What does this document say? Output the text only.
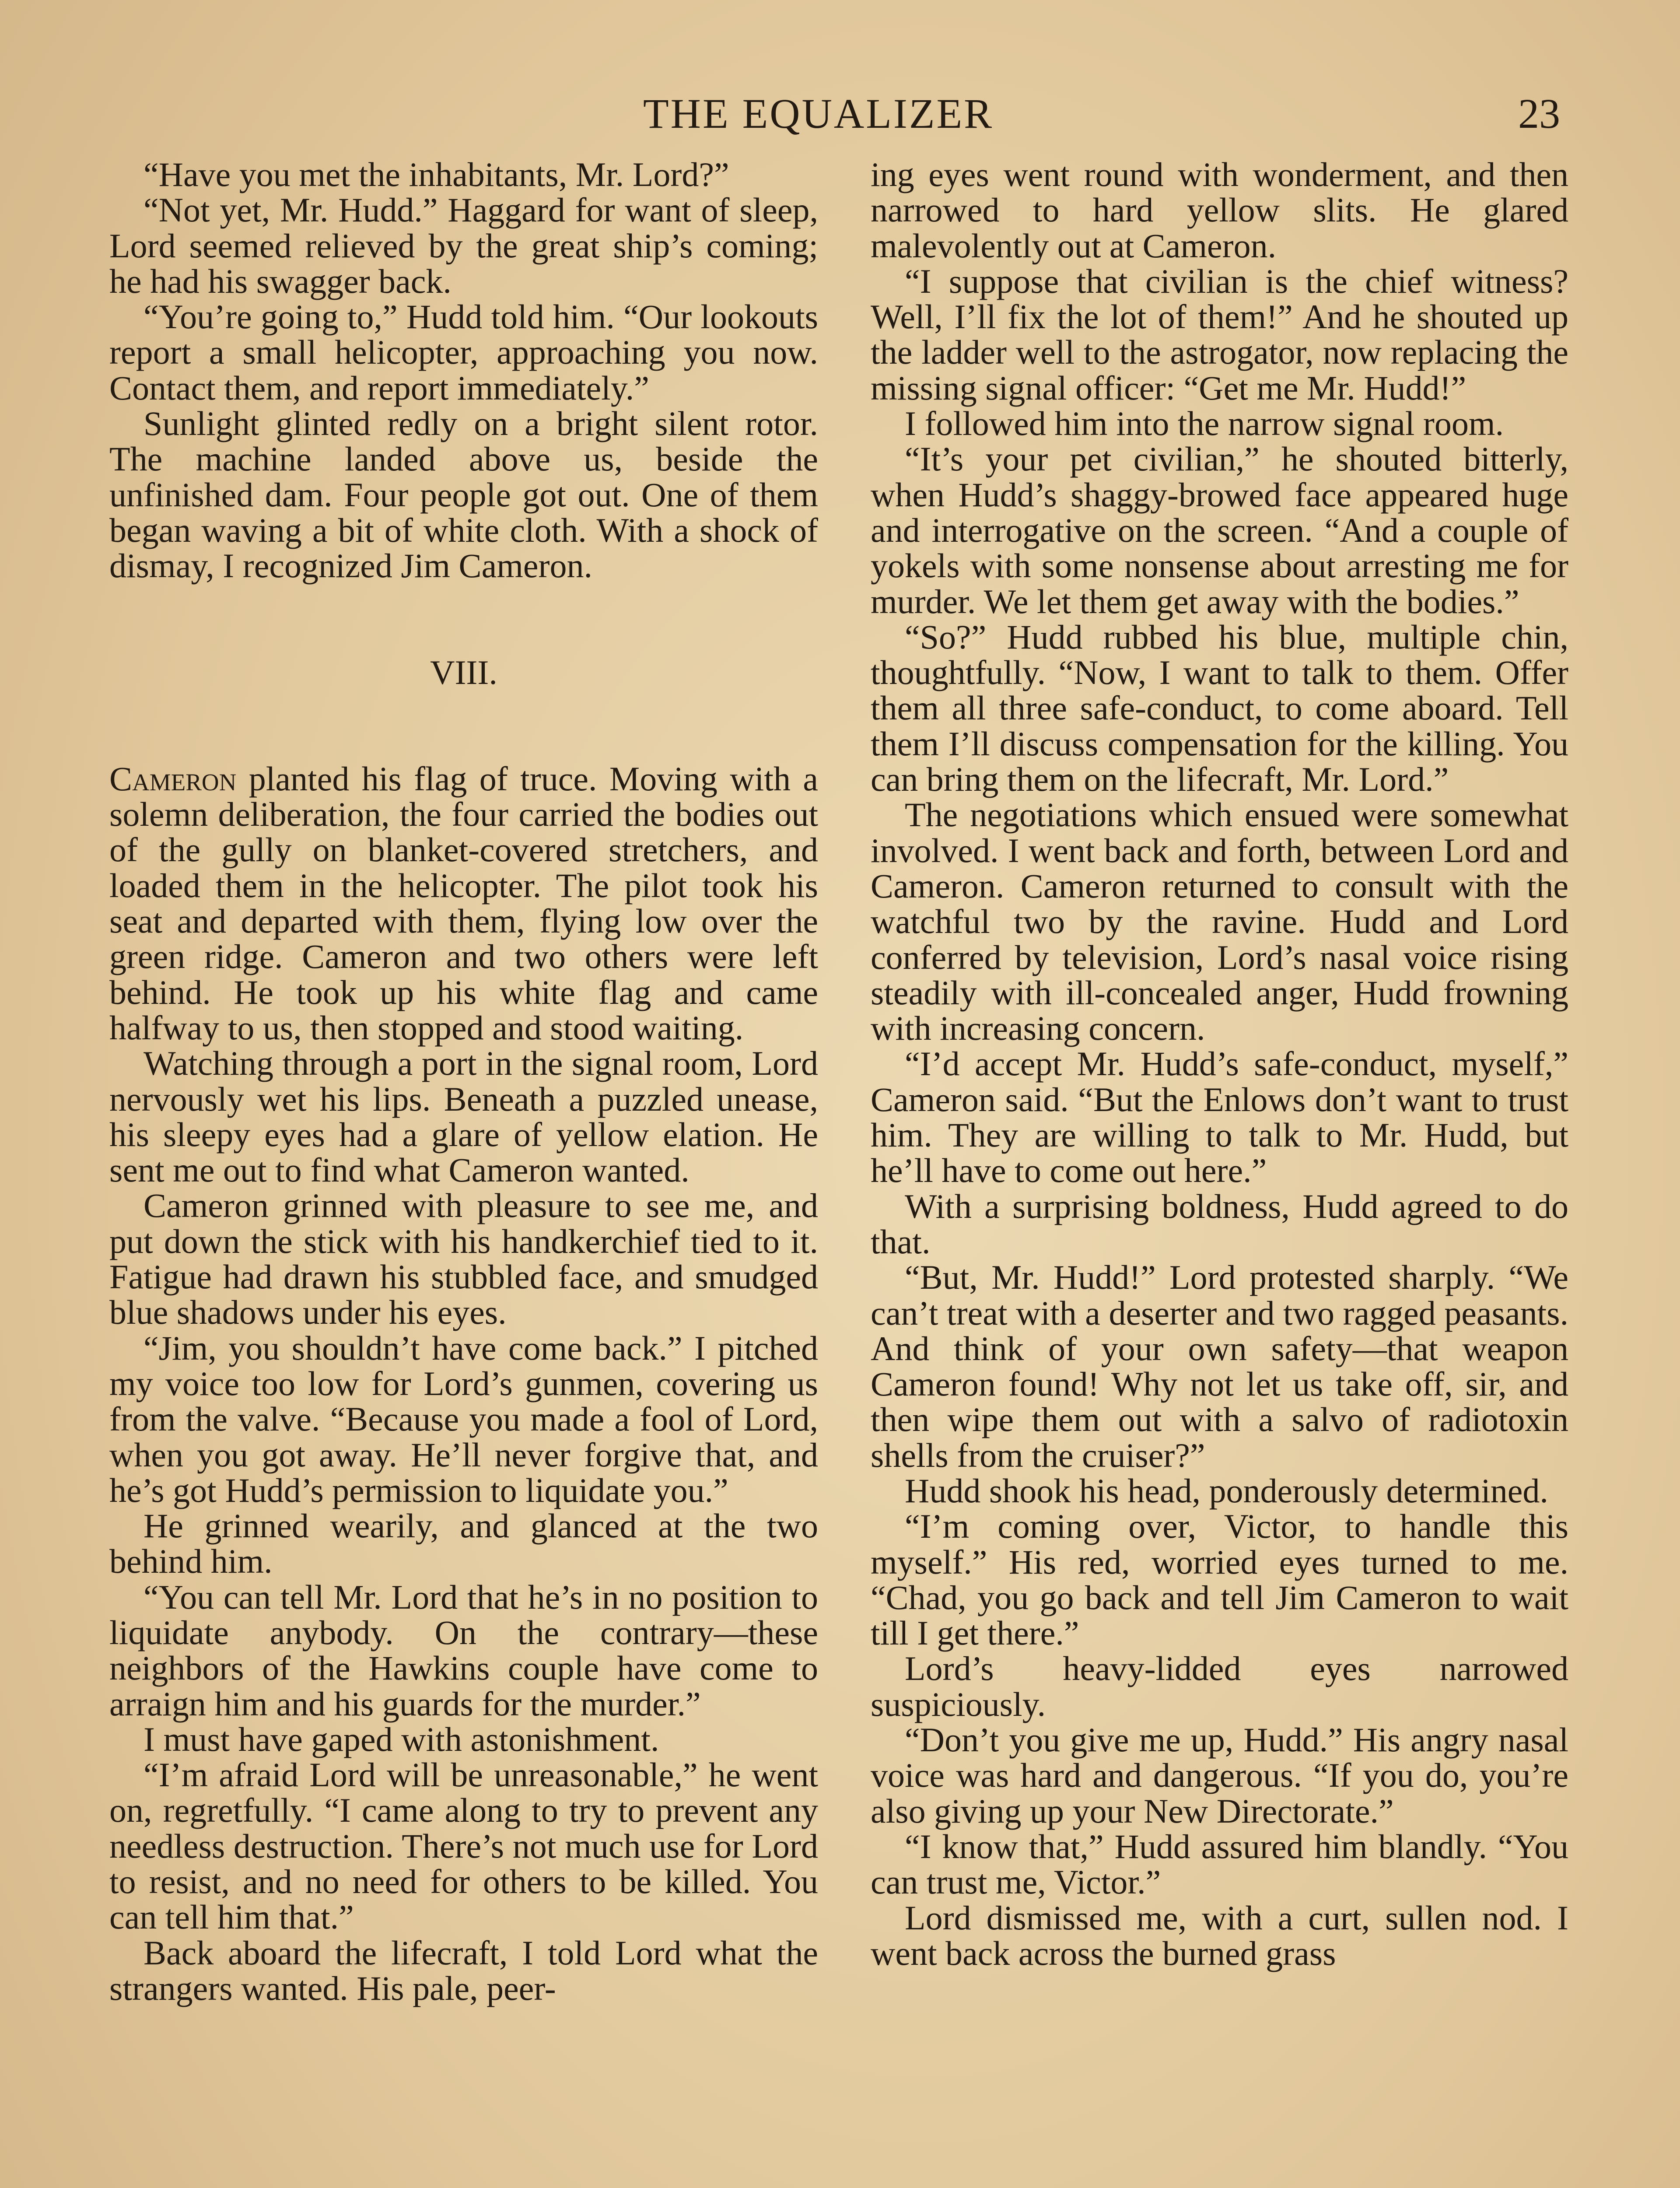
THE EQUALIZER	23

“Have you met the inhabitants, Mr. Lord?”

“Not yet, Mr. Hudd.” Haggard for want of sleep, Lord seemed relieved by the great ship’s coming; he had his swagger back.

“You’re going to,” Hudd told him. “Our lookouts report a small helicopter, approaching you now. Contact them, and report immediately.”

Sunlight glinted redly on a bright silent rotor. The machine landed above us, beside the unfinished dam. Four people got out. One of them began waving a bit of white cloth. With a shock of dismay, I recognized Jim Cameron.

VIII.

Cameron planted his flag of truce. Moving with a solemn deliberation, the four carried the bodies out of the gully on blanket-covered stretchers, and loaded them in the helicopter. The pilot took his seat and departed with them, flying low over the green ridge. Cameron and two others were left behind. He took up his white flag and came halfway to us, then stopped and stood waiting.

Watching through a port in the signal room, Lord nervously wet his lips. Beneath a puzzled unease, his sleepy eyes had a glare of yellow elation. He sent me out to find what Cameron wanted.

Cameron grinned with pleasure to see me, and put down the stick with his handkerchief tied to it. Fatigue had drawn his stubbled face, and smudged blue shadows under his eyes.

“Jim, you shouldn’t have come back.” I pitched my voice too low for Lord’s gunmen, covering us from the valve. “Because you made a fool of Lord, when you got away. He’ll never forgive that, and he’s got Hudd’s permission to liquidate you.”

He grinned wearily, and glanced at the two behind him.

“You can tell Mr. Lord that he’s in no position to liquidate anybody. On the contrary—these neighbors of the Hawkins couple have come to arraign him and his guards for the murder.”

I must have gaped with astonishment.

“I’m afraid Lord will be unreasonable,” he went on, regretfully. “I came along to try to prevent any needless destruction. There’s not much use for Lord to resist, and no need for others to be killed. You can tell him that.”

Back aboard the lifecraft, I told Lord what the strangers wanted. His pale, peer-

ing eyes went round with wonderment, and then narrowed to hard yellow slits. He glared malevolently out at Cameron.

“I suppose that civilian is the chief witness? Well, I’ll fix the lot of them!” And he shouted up the ladder well to the astrogator, now replacing the missing signal officer: “Get me Mr. Hudd!”

I followed him into the narrow signal room.

“It’s your pet civilian,” he shouted bitterly, when Hudd’s shaggy-browed face appeared huge and interrogative on the screen. “And a couple of yokels with some nonsense about arresting me for murder. We let them get away with the bodies.”

“So?” Hudd rubbed his blue, multiple chin, thoughtfully. “Now, I want to talk to them. Offer them all three safe-conduct, to come aboard. Tell them I’ll discuss compensation for the killing. You can bring them on the lifecraft, Mr. Lord.”

The negotiations which ensued were somewhat involved. I went back and forth, between Lord and Cameron. Cameron returned to consult with the watchful two by the ravine. Hudd and Lord conferred by television, Lord’s nasal voice rising steadily with ill-concealed anger, Hudd frowning with increasing concern.

“I’d accept Mr. Hudd’s safe-conduct, myself,” Cameron said. “But the Enlows don’t want to trust him. They are willing to talk to Mr. Hudd, but he’ll have to come out here.”

With a surprising boldness, Hudd agreed to do that.

“But, Mr. Hudd!” Lord protested sharply. “We can’t treat with a deserter and two ragged peasants. And think of your own safety—that weapon Cameron found! Why not let us take off, sir, and then wipe them out with a salvo of radiotoxin shells from the cruiser?”

Hudd shook his head, ponderously determined.

“I’m coming over, Victor, to handle this myself.” His red, worried eyes turned to me. “Chad, you go back and tell Jim Cameron to wait till I get there.”

Lord’s heavy-lidded eyes narrowed suspiciously.

“Don’t you give me up, Hudd.” His angry nasal voice was hard and dangerous. “If you do, you’re also giving up your New Directorate.”

“I know that,” Hudd assured him blandly. “You can trust me, Victor.”

Lord dismissed me, with a curt, sullen nod. I went back across the burned grass
